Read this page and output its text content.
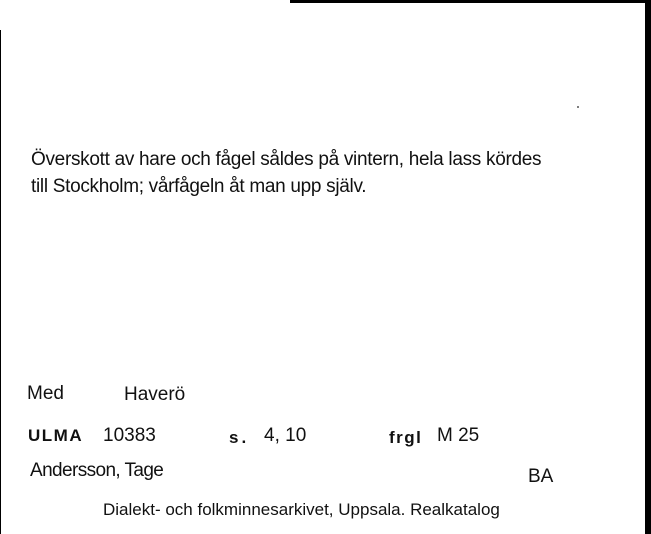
Överskott av hare och fågel såldes på vintern, hela lass kördes
till Stockholm; vårfågeln åt man upp själv.
Med	Haverö
ULMA 10383	s. 4, 10	frgl M 25
Andersson, Tage	BA
Dialekt- och folkminnesarkivet, Uppsala. Realkatalog
